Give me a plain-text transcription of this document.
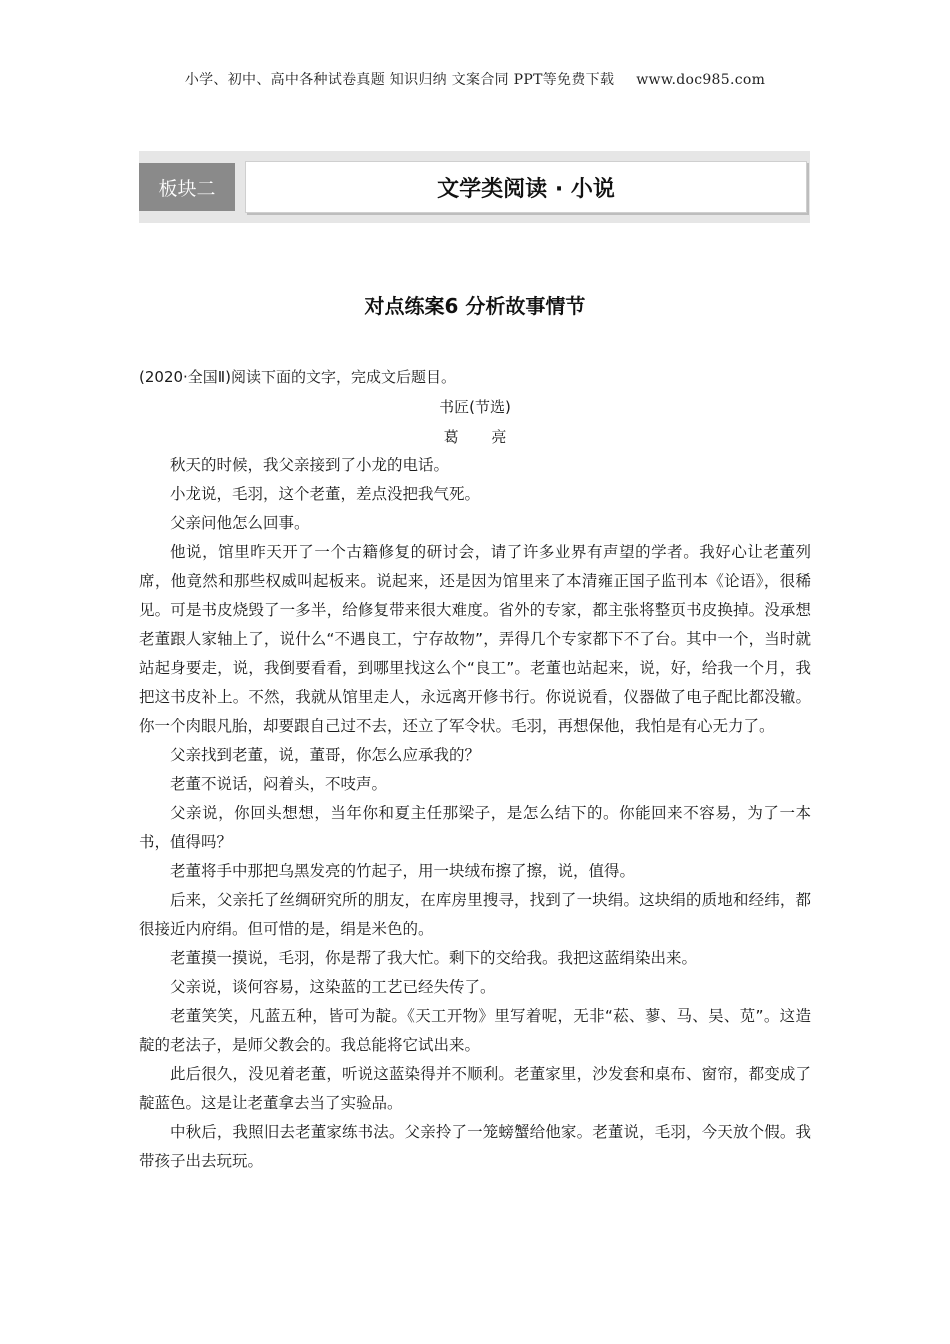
小学、初中、高中各种试卷真题 知识归纳 文案合同 PPT等免费下载 www.doc985.com
板块二	文学类阅读 · 小说
对点练案6 分析故事情节
(2020·全国Ⅱ)阅读下面的文字，完成文后题目。
书匠(节选)
葛 亮

秋天的时候，我父亲接到了小龙的电话。

小龙说，毛羽，这个老董，差点没把我气死。

父亲问他怎么回事。

他说，馆里昨天开了一个古籍修复的研讨会，请了许多业界有声望的学者。我好心让老董列席，他竟然和那些权威叫起板来。说起来，还是因为馆里来了本清雍正国子监刊本《论语》，很稀见。可是书皮烧毁了一多半，给修复带来很大难度。省外的专家，都主张将整页书皮换掉。没承想老董跟人家轴上了，说什么“不遇良工，宁存故物”，弄得几个专家都下不了台。其中一个，当时就站起身要走，说，我倒要看看，到哪里找这么个“良工”。老董也站起来，说，好，给我一个月，我把这书皮补上。不然，我就从馆里走人，永远离开修书行。你说说看，仪器做了电子配比都没辙。你一个肉眼凡胎，却要跟自己过不去，还立了军令状。毛羽，再想保他，我怕是有心无力了。

父亲找到老董，说，董哥，你怎么应承我的？

老董不说话，闷着头，不吱声。

父亲说，你回头想想，当年你和夏主任那梁子，是怎么结下的。你能回来不容易，为了一本书，值得吗？

老董将手中那把乌黑发亮的竹起子，用一块绒布擦了擦，说，值得。

后来，父亲托了丝绸研究所的朋友，在库房里搜寻，找到了一块绢。这块绢的质地和经纬，都很接近内府绢。但可惜的是，绢是米色的。

老董摸一摸说，毛羽，你是帮了我大忙。剩下的交给我。我把这蓝绢染出来。

父亲说，谈何容易，这染蓝的工艺已经失传了。

老董笑笑，凡蓝五种，皆可为靛。《天工开物》里写着呢，无非“菘、蓼、马、吴、苋”。这造靛的老法子，是师父教会的。我总能将它试出来。

此后很久，没见着老董，听说这蓝染得并不顺利。老董家里，沙发套和桌布、窗帘，都变成了靛蓝色。这是让老董拿去当了实验品。

中秋后，我照旧去老董家练书法。父亲拎了一笼螃蟹给他家。老董说，毛羽，今天放个假。我带孩子出去玩玩。
